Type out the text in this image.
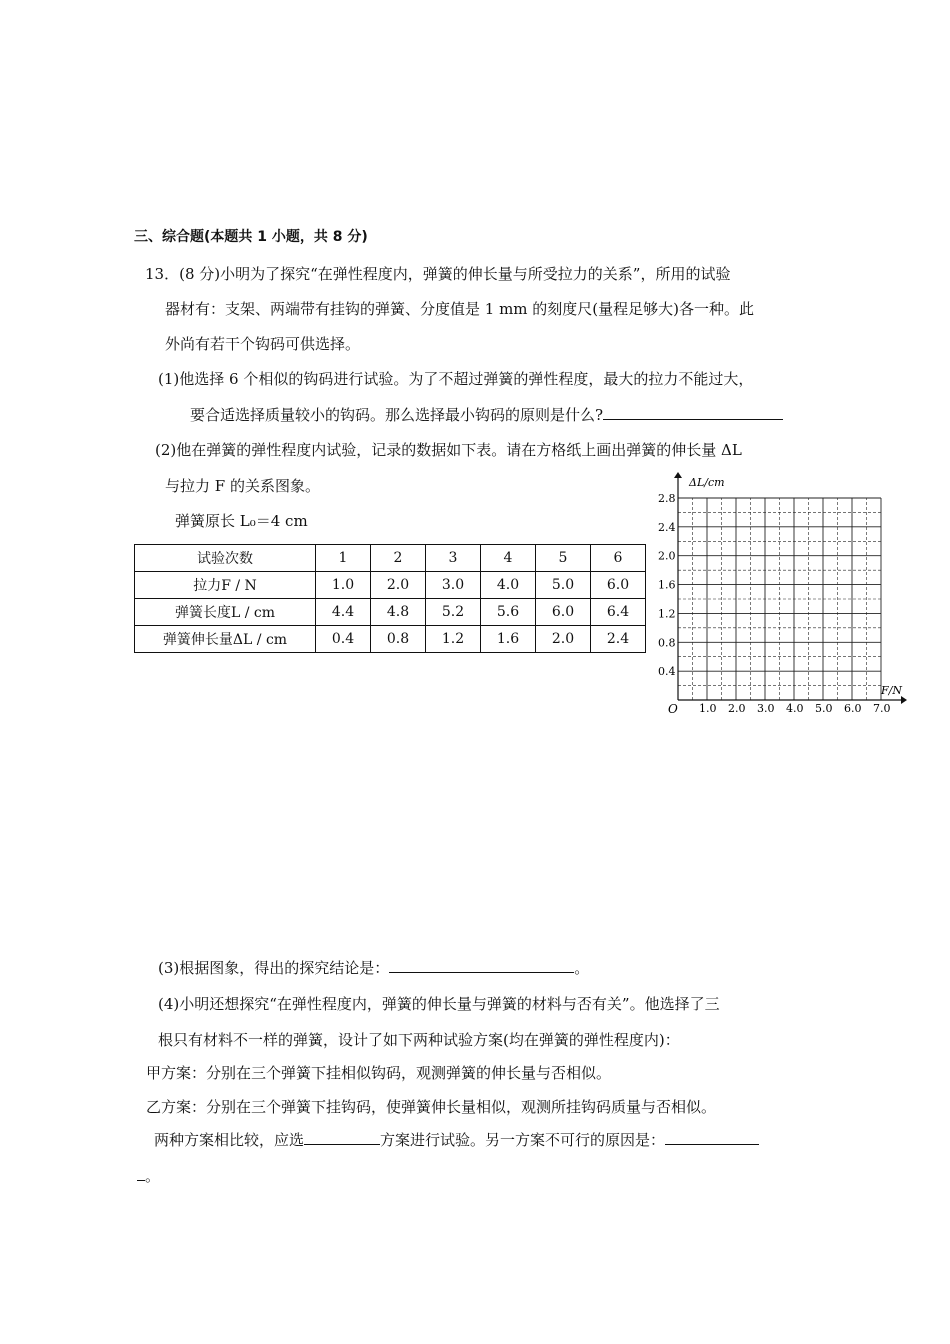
三、综合题(本题共 1 小题，共 8 分)
13．(8 分)小明为了探究“在弹性程度内，弹簧的伸长量与所受拉力的关系”，所用的试验
器材有：支架、两端带有挂钩的弹簧、分度值是 1 mm 的刻度尺(量程足够大)各一种。此
外尚有若干个钩码可供选择。
(1)他选择 6 个相似的钩码进行试验。为了不超过弹簧的弹性程度，最大的拉力不能过大，
要合适选择质量较小的钩码。那么选择最小钩码的原则是什么?
(2)他在弹簧的弹性程度内试验，记录的数据如下表。请在方格纸上画出弹簧的伸长量 ΔL
与拉力 F 的关系图象。
弹簧原长 L₀＝4 cm
试验次数	1	2	3	4	5	6
拉力F / N	1.0	2.0	3.0	4.0	5.0	6.0
弹簧长度L / cm	4.4	4.8	5.2	5.6	6.0	6.4
弹簧伸长量ΔL / cm	0.4	0.8	1.2	1.6	2.0	2.4
ΔL/cm
F/N
O 1.0 2.0 3.0 4.0 5.0 6.0 7.0
0.4
0.8
1.2
1.6
2.0
2.4
2.8
(3)根据图象，得出的探究结论是：	。
(4)小明还想探究“在弹性程度内，弹簧的伸长量与弹簧的材料与否有关”。他选择了三
根只有材料不一样的弹簧，设计了如下两种试验方案(均在弹簧的弹性程度内)：
甲方案：分别在三个弹簧下挂相似钩码，观测弹簧的伸长量与否相似。
乙方案：分别在三个弹簧下挂钩码，使弹簧伸长量相似，观测所挂钩码质量与否相似。
两种方案相比较，应选	方案进行试验。另一方案不可行的原因是：
。
